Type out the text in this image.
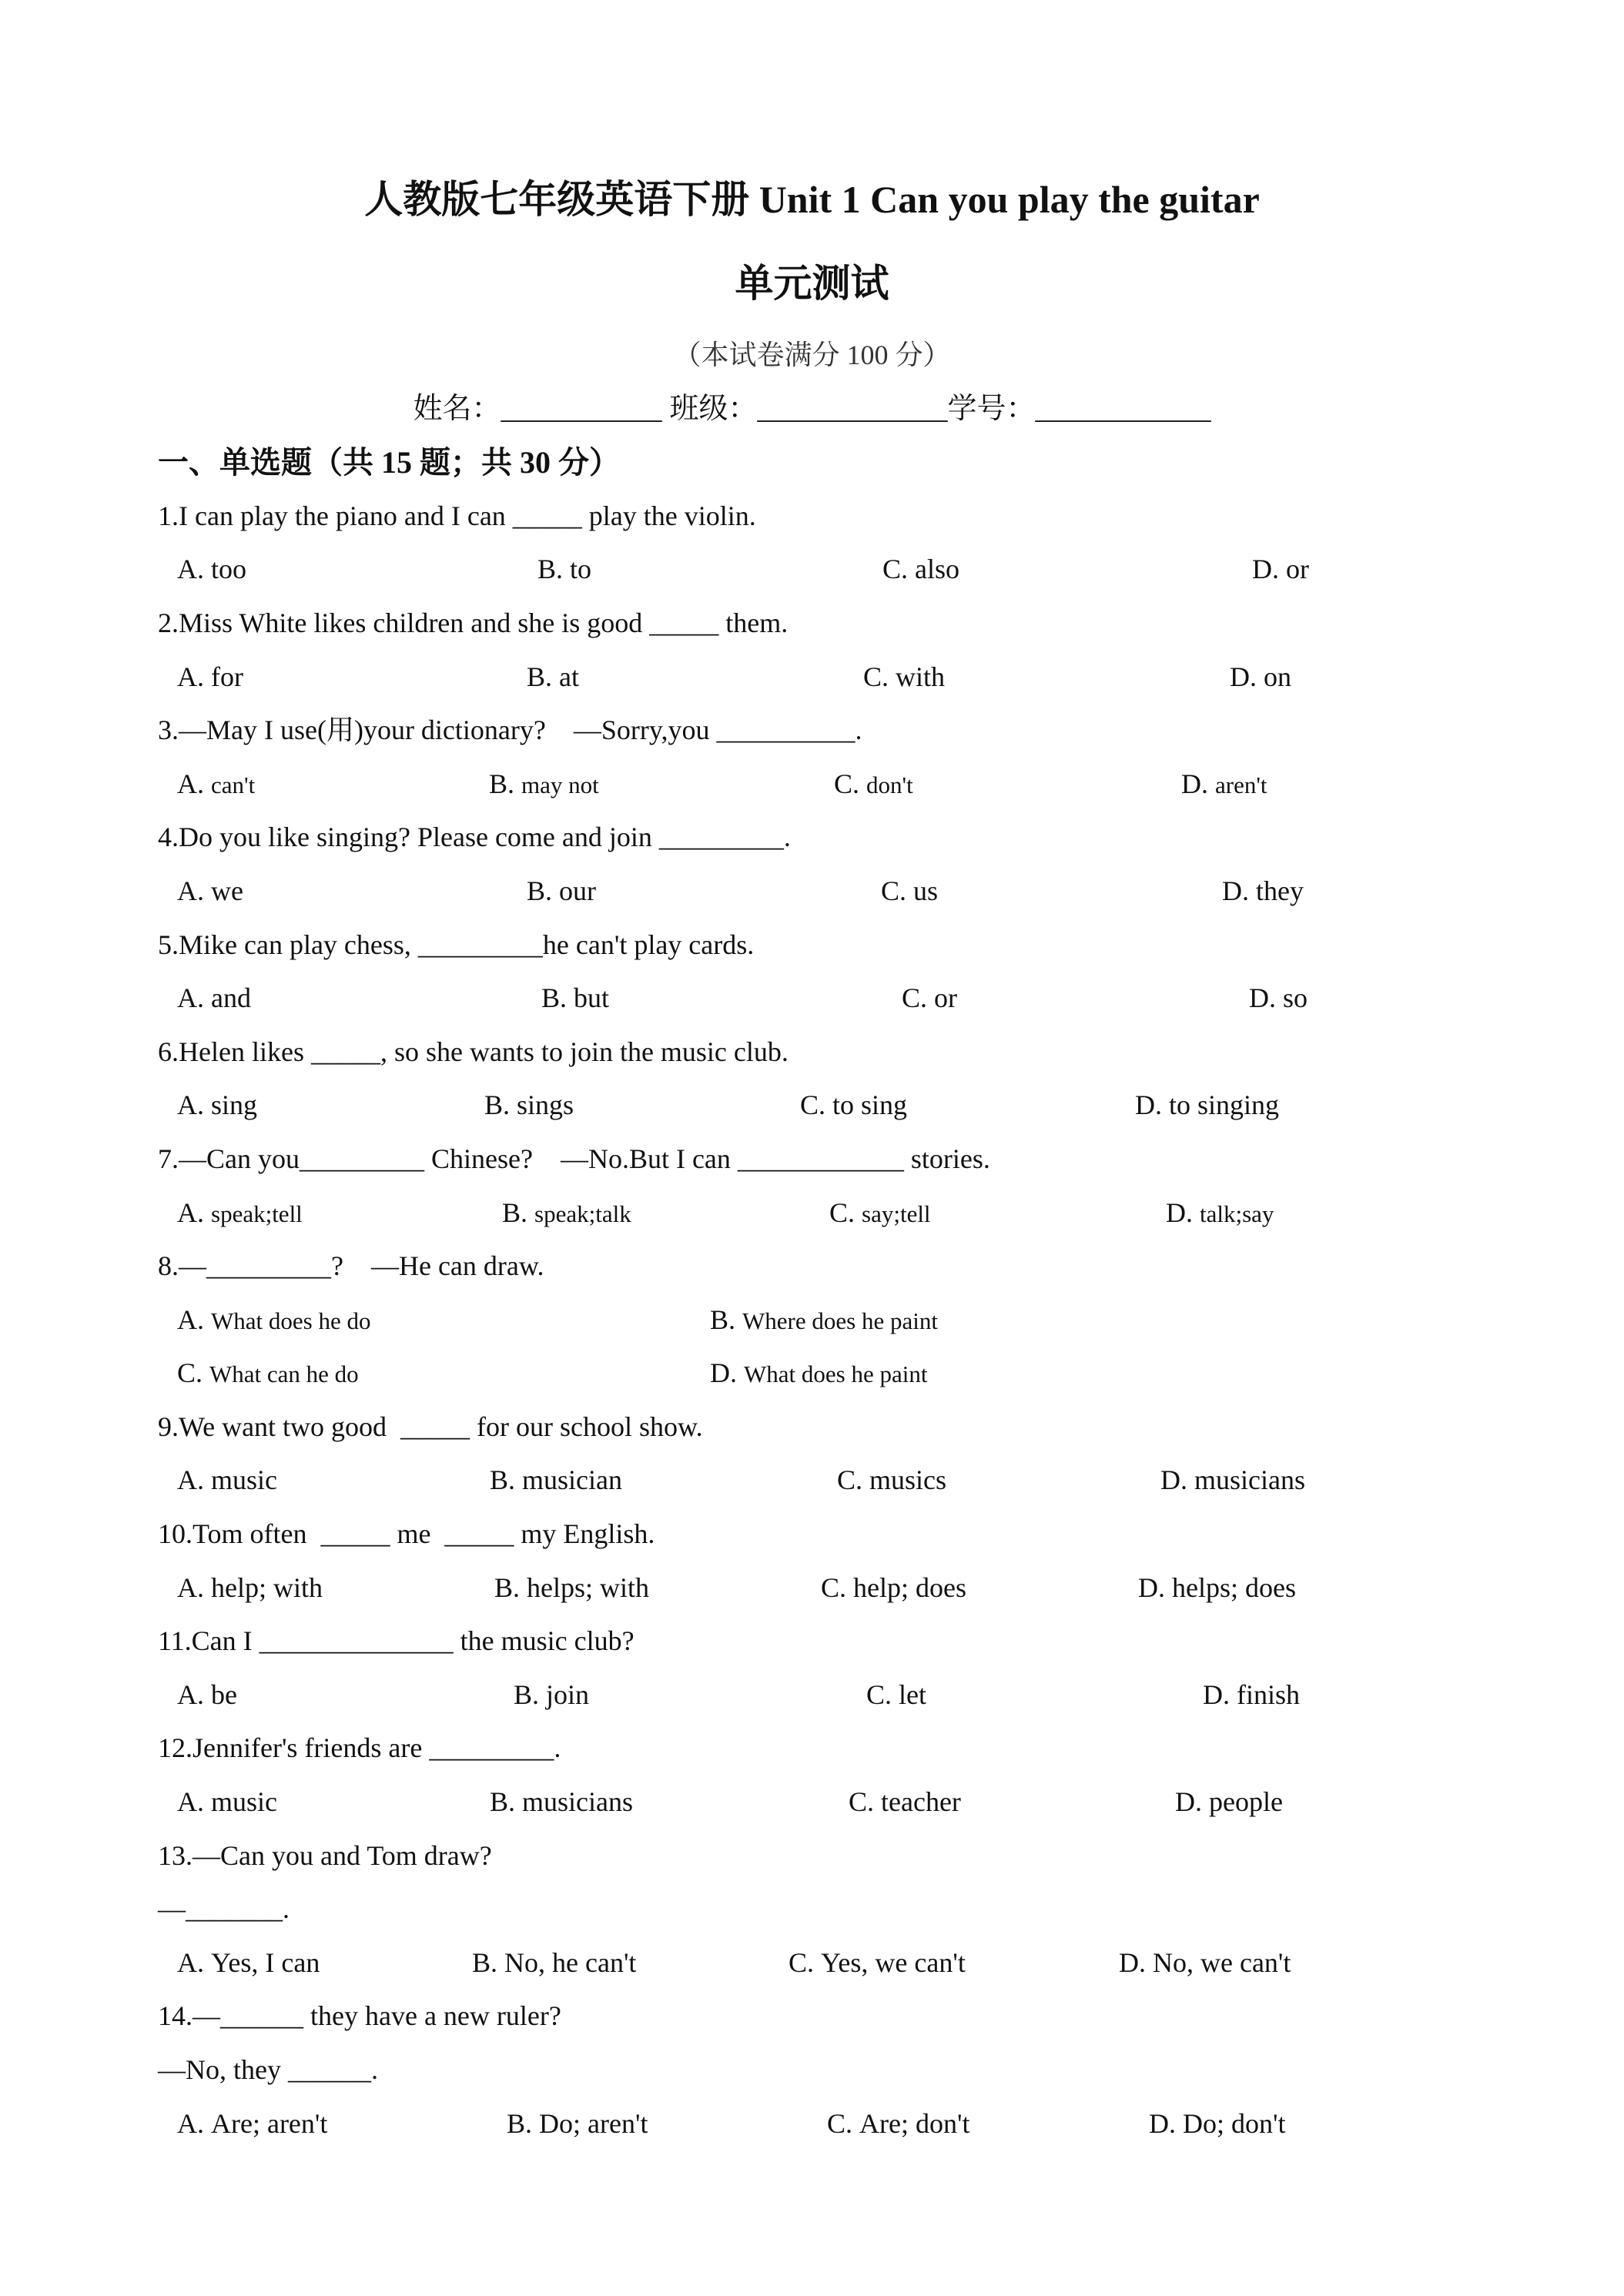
人教版七年级英语下册 Unit 1 Can you play the guitar
单元测试
（本试卷满分 100 分）
姓名：___________ 班级：_____________学号：____________
一、单选题（共 15 题；共 30 分）
1.I can play the piano and I can _____ play the violin.
A. too	B. to	C. also	D. or
2.Miss White likes children and she is good _____ them.
A. for	B. at	C. with	D. on
3.—May I use(用)your dictionary?    —Sorry,you __________.
A. can't	B. may not	C. don't	D. aren't
4.Do you like singing? Please come and join _________.
A. we	B. our	C. us	D. they
5.Mike can play chess, _________he can't play cards.
A. and	B. but	C. or	D. so
6.Helen likes _____, so she wants to join the music club.
A. sing	B. sings	C. to sing	D. to singing
7.—Can you_________ Chinese?    —No.But I can ____________ stories.
A. speak;tell	B. speak;talk	C. say;tell	D. talk;say
8.—_________?    —He can draw.
A. What does he do	B. Where does he paint
C. What can he do	D. What does he paint
9.We want two good  _____ for our school show.
A. music	B. musician	C. musics	D. musicians
10.Tom often  _____ me  _____ my English.
A. help; with	B. helps; with	C. help; does	D. helps; does
11.Can I ______________ the music club?
A. be	B. join	C. let	D. finish
12.Jennifer's friends are _________.
A. music	B. musicians	C. teacher	D. people
13.—Can you and Tom draw?
—_______.
A. Yes, I can	B. No, he can't	C. Yes, we can't	D. No, we can't
14.—______ they have a new ruler?
—No, they ______.
A. Are; aren't	B. Do; aren't	C. Are; don't	D. Do; don't
